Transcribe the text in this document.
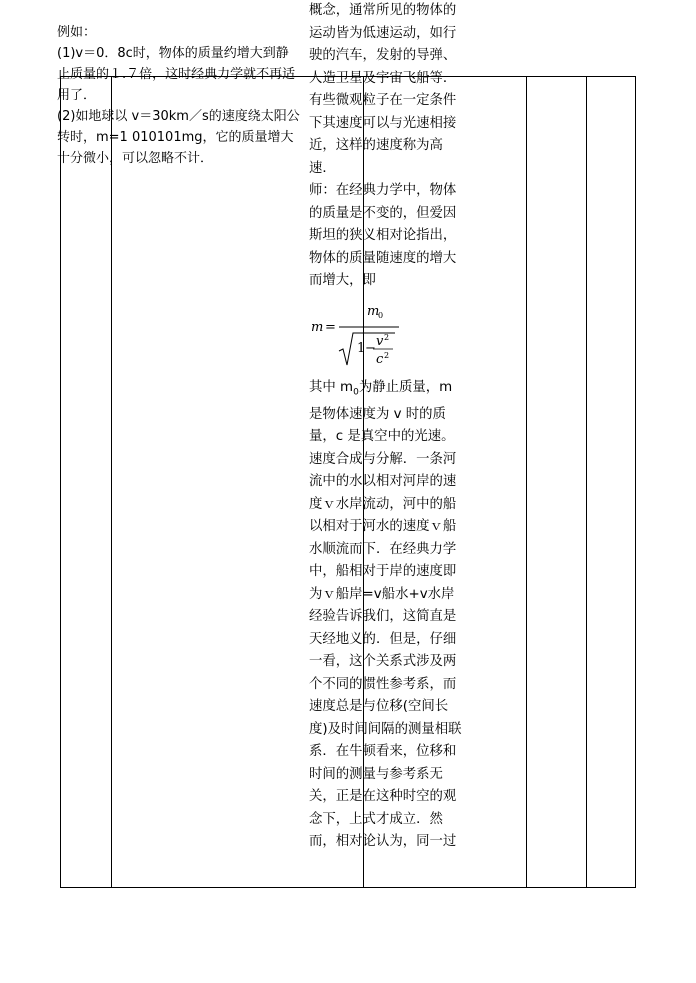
例如：

(1)v＝0．8c时，物体的质量约增大到静止质量的１.７倍，这时经典力学就不再适用了．

(2)如地球以 v＝30km／s的速度绕太阳公转时，m=1 010101mg，它的质量增大十分微小，可以忽略不计．

概念，通常所见的物体的运动皆为低速运动，如行驶的汽车，发射的导弹、人造卫星及宇宙飞船等．有些微观粒子在一定条件下其速度可以与光速相接近，这样的速度称为高速．

师：在经典力学中，物体的质量是不变的，但爱因斯坦的狭义相对论指出，物体的质量随速度的增大而增大，即

m =
m
0
1 − v 2
c 2

其中 $m_0$为静止质量，m是物体速度为 v 时的质量，c 是真空中的光速。

速度合成与分解．一条河流中的水以相对河岸的速度ｖ水岸流动，河中的船以相对于河水的速度ｖ船水顺流而下．在经典力学中，船相对于岸的速度即为ｖ船岸=v船水+v水岸

经验告诉我们，这简直是天经地义的．但是，仔细一看，这个关系式涉及两个不同的惯性参考系，而速度总是与位移(空间长度)及时间间隔的测量相联系．在牛顿看来，位移和时间的测量与参考系无关，正是在这种时空的观念下，上式才成立．然而，相对论认为，同一过
